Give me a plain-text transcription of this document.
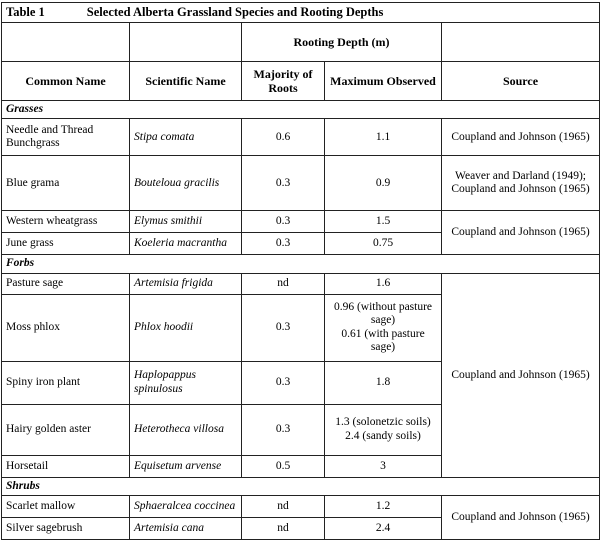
Table 1 Selected Alberta Grassland Species and Rooting Depths				
		Rooting Depth (m)		
Common Name	Scientific Name	Majority of Roots	Maximum Observed	Source
Grasses				
Needle and Thread Bunchgrass	Stipa comata	0.6	1.1	Coupland and Johnson (1965)
Blue grama	Bouteloua gracilis	0.3	0.9	Weaver and Darland (1949); Coupland and Johnson (1965)
Western wheatgrass	Elymus smithii	0.3	1.5	Coupland and Johnson (1965)
June grass	Koeleria macrantha	0.3	0.75	
Forbs				
Pasture sage	Artemisia frigida	nd	1.6	Coupland and Johnson (1965)
Moss phlox	Phlox hoodii	0.3	0.96 (without pasture sage)
0.61 (with pasture sage)	

Spiny iron plant	Haplopappus spinulosus	0.3	1.8	
Hairy golden aster	Heterotheca villosa	0.3	1.3 (solonetzic soils)
2.4 (sandy soils)	

Horsetail	Equisetum arvense	0.5	3	
Shrubs				
Scarlet mallow	Sphaeralcea coccinea	nd	1.2	Coupland and Johnson (1965)
Silver sagebrush	Artemisia cana	nd	2.4	
